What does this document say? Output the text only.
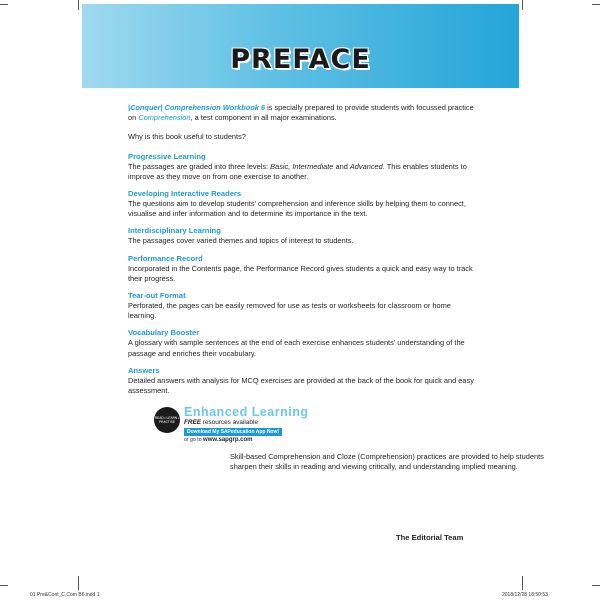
PREFACE

|Conquer| Comprehension Workbook 6 is specially prepared to provide students with focussed practice on Comprehension, a test component in all major examinations.

Why is this book useful to students?

Progressive Learning

The passages are graded into three levels: Basic, Intermediate and Advanced. This enables students to improve as they move on from one exercise to another.

Developing Interactive Readers

The questions aim to develop students' comprehension and inference skills by helping them to connect, visualise and infer information and to determine its importance in the text.

Interdisciplinary Learning

The passages cover varied themes and topics of interest to students.

Performance Record

Incorporated in the Contents page, the Performance Record gives students a quick and easy way to track their progress.

Tear-out Format

Perforated, the pages can be easily removed for use as tests or worksheets for classroom or home learning.

Vocabulary Booster

A glossary with sample sentences at the end of each exercise enhances students' understanding of the passage and enriches their vocabulary.

Answers

Detailed answers with analysis for MCQ exercises are provided at the back of the book for quick and easy assessment.

READ • LEARN • PRACTISE
Enhanced Learning
FREE resources available
Download My SAPeducation App Now!
or go to www.sapgrp.com

Skill-based Comprehension and Cloze (Comprehension) practices are provided to help students sharpen their skills in reading and viewing critically, and understanding implied meaning.

The Editorial Team
01 Pre&Cont_C.Com B6.indd 1	2018/12/28 18:50:53
